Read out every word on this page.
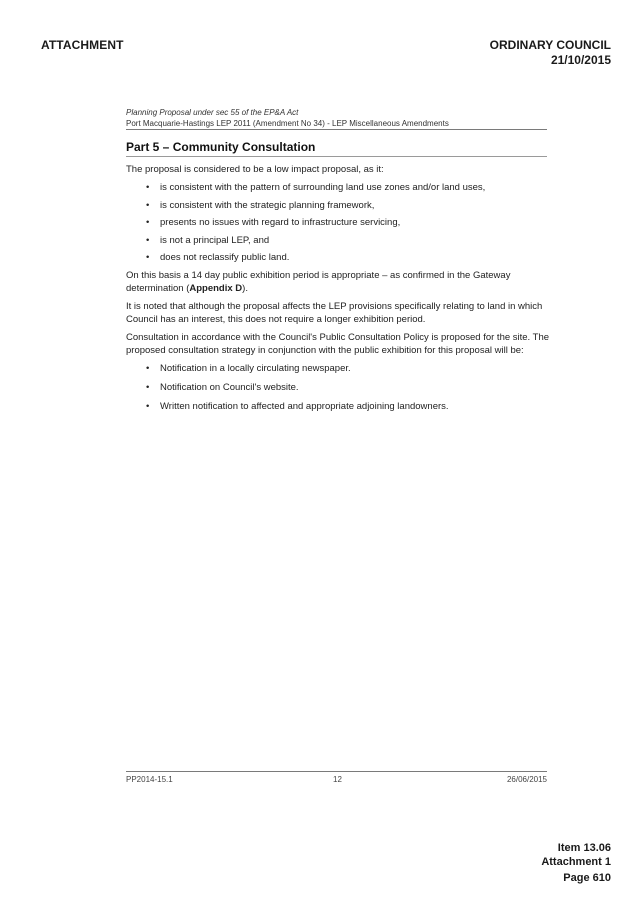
ATTACHMENT	ORDINARY COUNCIL
21/10/2015
Planning Proposal under sec 55 of the EP&A Act
Port Macquarie-Hastings LEP 2011 (Amendment No 34) - LEP Miscellaneous Amendments
Part 5 – Community Consultation

The proposal is considered to be a low impact proposal, as it:

• is consistent with the pattern of surrounding land use zones and/or land uses,
• is consistent with the strategic planning framework,
• presents no issues with regard to infrastructure servicing,
• is not a principal LEP, and
• does not reclassify public land.

On this basis a 14 day public exhibition period is appropriate – as confirmed in the Gateway determination (Appendix D).

It is noted that although the proposal affects the LEP provisions specifically relating to land in which Council has an interest, this does not require a longer exhibition period.

Consultation in accordance with the Council's Public Consultation Policy is proposed for the site. The proposed consultation strategy in conjunction with the public exhibition for this proposal will be:

• Notification in a locally circulating newspaper.
• Notification on Council's website.
• Written notification to affected and appropriate adjoining landowners.
PP2014-15.1	12	26/06/2015
Item 13.06
Attachment 1
Page 610
